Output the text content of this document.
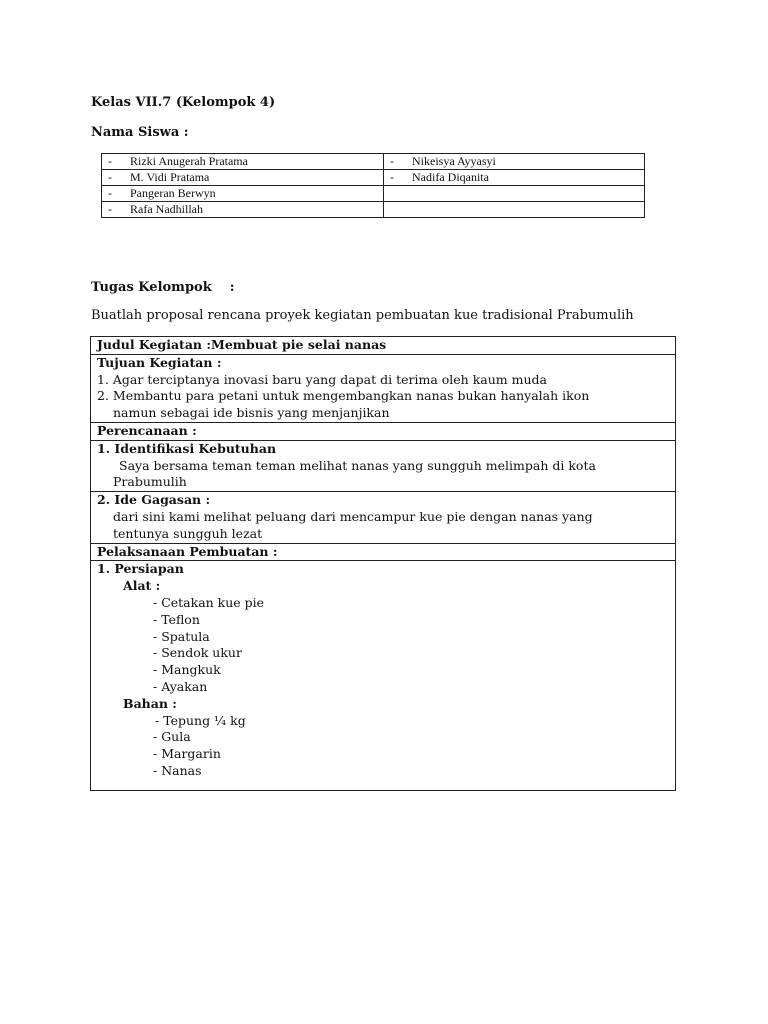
Kelas VII.7 (Kelompok 4)
Nama Siswa :
- Rizki Anugerah Pratama	- Nikeisya Ayyasyi
- M. Vidi Pratama	- Nadifa Diqanita
- Pangeran Berwyn	
- Rafa Nadhillah	
Tugas Kelompok :
Buatlah proposal rencana proyek kegiatan pembuatan kue tradisional Prabumulih
Judul Kegiatan :Membuat pie selai nanas
Tujuan Kegiatan :
1. Agar terciptanya inovasi baru yang dapat di terima oleh kaum muda
2. Membantu para petani untuk mengembangkan nanas bukan hanyalah ikon
namun sebagai ide bisnis yang menjanjikan
Perencanaan :
1. Identifikasi Kebutuhan
Saya bersama teman teman melihat nanas yang sungguh melimpah di kota
Prabumulih
2. Ide Gagasan :
dari sini kami melihat peluang dari mencampur kue pie dengan nanas yang
tentunya sungguh lezat
Pelaksanaan Pembuatan :
1. Persiapan
Alat :
- Cetakan kue pie
- Teflon
- Spatula
- Sendok ukur
- Mangkuk
- Ayakan
Bahan :
- Tepung ¼ kg
- Gula
- Margarin
- Nanas
